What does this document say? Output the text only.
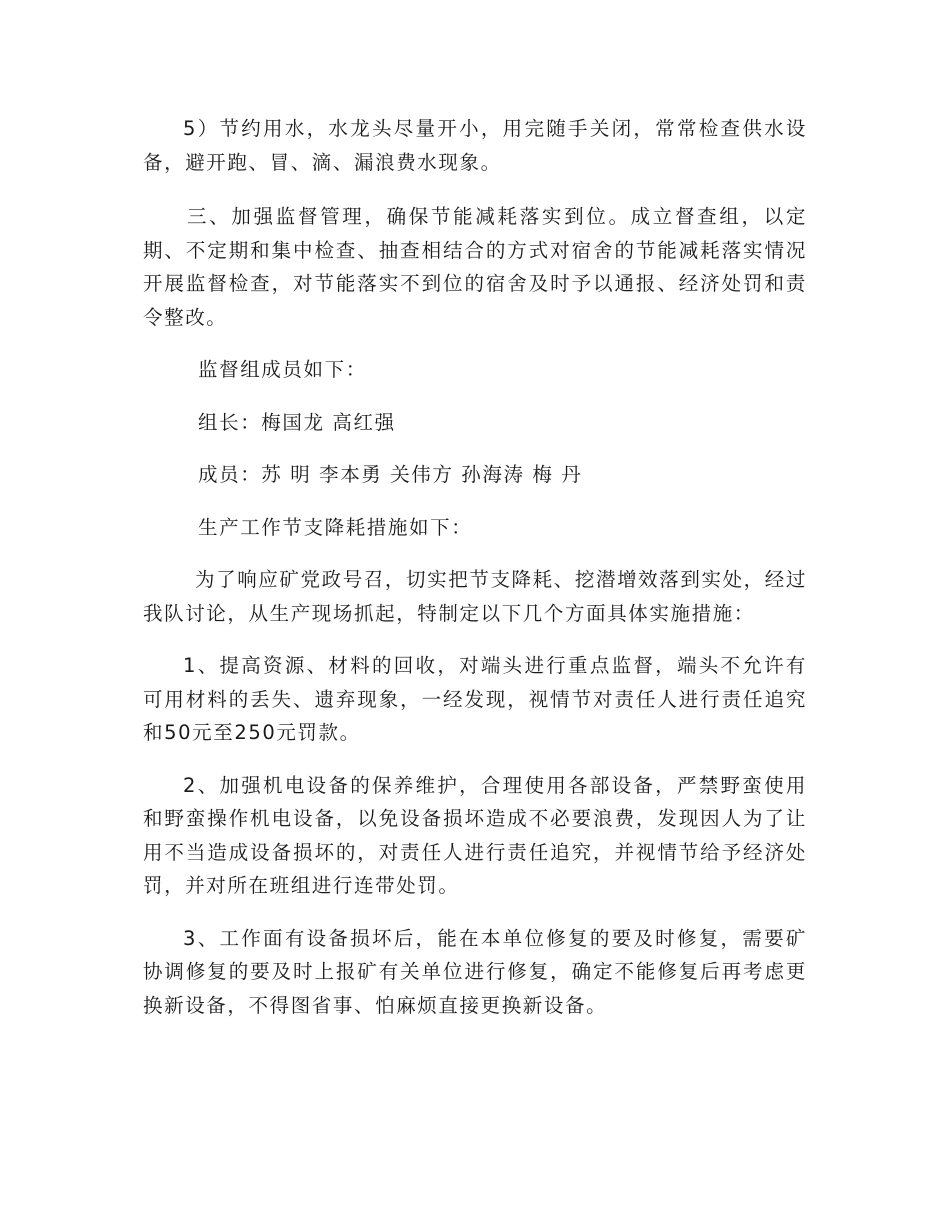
5）节约用水，水龙头尽量开小，用完随手关闭，常常检查供水设备，避开跑、冒、滴、漏浪费水现象。

三、加强监督管理，确保节能减耗落实到位。成立督查组，以定期、不定期和集中检查、抽查相结合的方式对宿舍的节能减耗落实情况开展监督检查，对节能落实不到位的宿舍及时予以通报、经济处罚和责令整改。

监督组成员如下：

组长：梅国龙 高红强

成员：苏 明 李本勇 关伟方 孙海涛 梅 丹

生产工作节支降耗措施如下：

为了响应矿党政号召，切实把节支降耗、挖潜增效落到实处，经过我队讨论，从生产现场抓起，特制定以下几个方面具体实施措施：

1、提高资源、材料的回收，对端头进行重点监督，端头不允许有可用材料的丢失、遗弃现象，一经发现，视情节对责任人进行责任追究和50元至250元罚款。

2、加强机电设备的保养维护，合理使用各部设备，严禁野蛮使用和野蛮操作机电设备，以免设备损坏造成不必要浪费，发现因人为了让用不当造成设备损坏的，对责任人进行责任追究，并视情节给予经济处罚，并对所在班组进行连带处罚。

3、工作面有设备损坏后，能在本单位修复的要及时修复，需要矿协调修复的要及时上报矿有关单位进行修复，确定不能修复后再考虑更换新设备，不得图省事、怕麻烦直接更换新设备。
